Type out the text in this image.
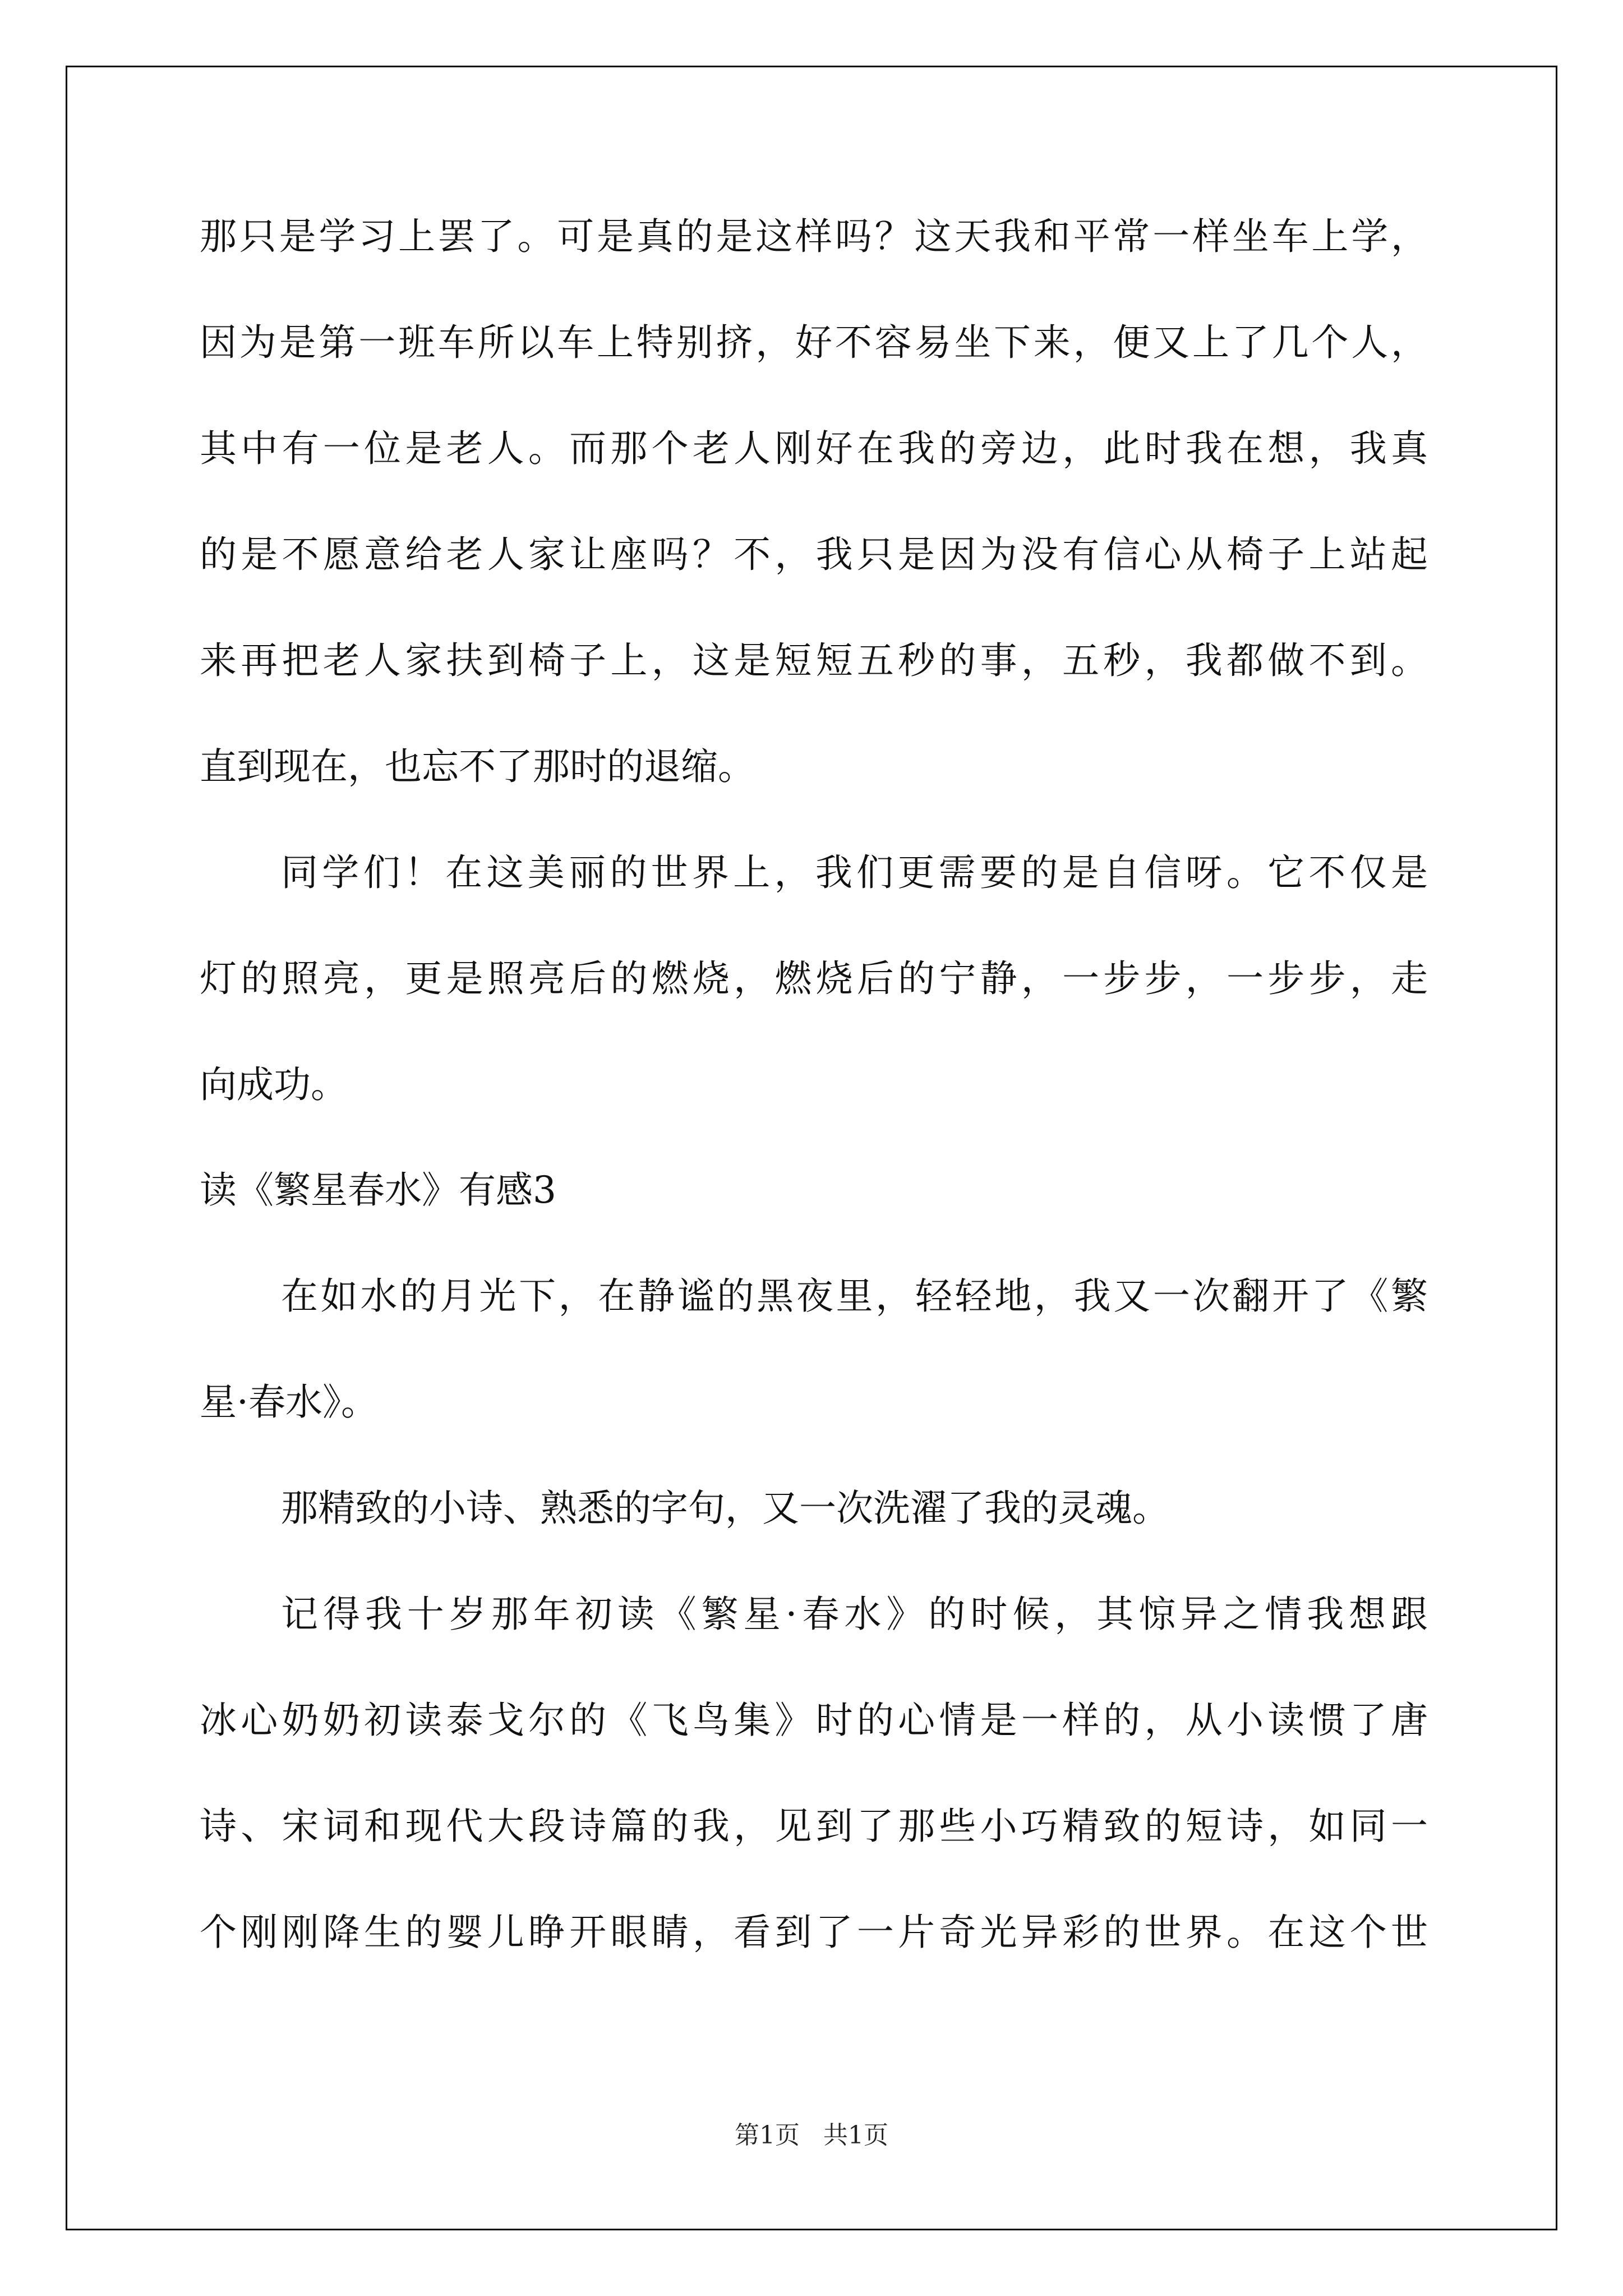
那只是学习上罢了。可是真的是这样吗？这天我和平常一样坐车上学，
因为是第一班车所以车上特别挤，好不容易坐下来，便又上了几个人，
其中有一位是老人。而那个老人刚好在我的旁边，此时我在想，我真
的是不愿意给老人家让座吗？不，我只是因为没有信心从椅子上站起
来再把老人家扶到椅子上，这是短短五秒的事，五秒，我都做不到。
直到现在，也忘不了那时的退缩。
同学们！在这美丽的世界上，我们更需要的是自信呀。它不仅是
灯的照亮，更是照亮后的燃烧，燃烧后的宁静，一步步，一步步，走
向成功。
读《繁星春水》有感3
在如水的月光下，在静谧的黑夜里，轻轻地，我又一次翻开了《繁
星·春水》。
那精致的小诗、熟悉的字句，又一次洗濯了我的灵魂。
记得我十岁那年初读《繁星·春水》的时候，其惊异之情我想跟
冰心奶奶初读泰戈尔的《飞鸟集》时的心情是一样的，从小读惯了唐
诗、宋词和现代大段诗篇的我，见到了那些小巧精致的短诗，如同一
个刚刚降生的婴儿睁开眼睛，看到了一片奇光异彩的世界。在这个世
第1页   共1页
